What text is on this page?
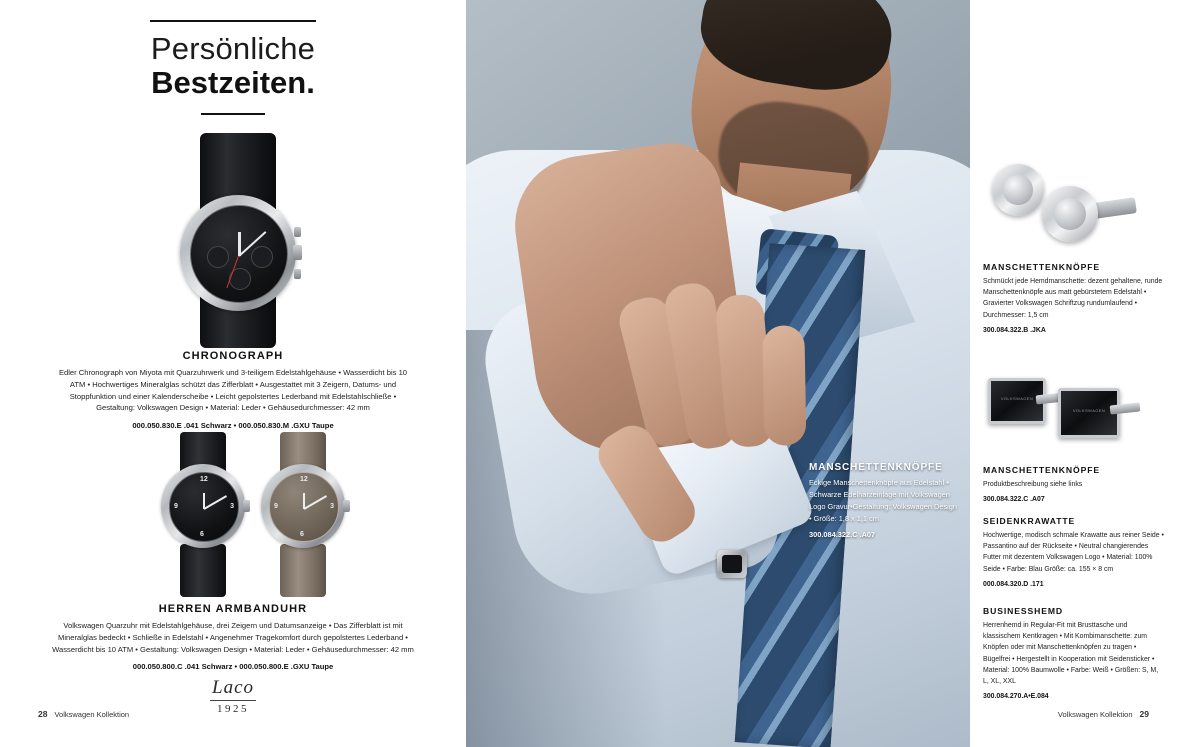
Persönliche
Bestzeiten.
CHRONOGRAPH
Edler Chronograph von Miyota mit Quarzuhrwerk und 3-teiligem Edelstahlgehäuse • Wasserdicht bis 10 ATM • Hochwertiges Mineralglas schützt das Zifferblatt • Ausgestattet mit 3 Zeigern, Datums- und Stoppfunktion und einer Kalenderscheibe • Leicht gepolstertes Lederband mit Edelstahlschließe • Gestaltung: Volkswagen Design • Material: Leder • Gehäusedurchmesser: 42 mm
000.050.830.E .041 Schwarz • 000.050.830.M .GXU Taupe
12
6
9	3
12
6
9	3
HERREN ARMBANDUHR
Volkswagen Quarzuhr mit Edelstahlgehäuse, drei Zeigern und Datumsanzeige • Das Zifferblatt ist mit Mineralglas bedeckt • Schließe in Edelstahl • Angenehmer Tragekomfort durch gepolstertes Lederband • Wasserdicht bis 10 ATM • Gestaltung: Volkswagen Design • Material: Leder • Gehäusedurchmesser: 42 mm
000.050.800.C .041 Schwarz • 000.050.800.E .GXU Taupe
Laco
1925
28 Volkswagen Kollektion
MANSCHETTENKNÖPFE
Eckige Manschettenknöpfe aus Edelstahl • Schwarze Edelharzeinlage mit Volkswagen Logo Gravur•Gestaltung: Volkswagen Design • Größe: 1,8 x 1,1 cm
300.084.322.C .A07
MANSCHETTENKNÖPFE
Schmückt jede Hemdmanschette: dezent gehaltene, runde Manschettenknöpfe aus matt gebürstetem Edelstahl • Gravierter Volkswagen Schriftzug rundumlaufend • Durchmesser: 1,5 cm
300.084.322.B .JKA
VOLKSWAGEN
VOLKSWAGEN
MANSCHETTENKNÖPFE
Produktbeschreibung siehe links
300.084.322.C .A07
SEIDENKRAWATTE
Hochwertige, modisch schmale Krawatte aus reiner Seide • Passantino auf der Rückseite • Neutral changierendes Futter mit dezentem Volkswagen Logo • Material: 100% Seide • Farbe: Blau Größe: ca. 155 × 8 cm
000.084.320.D .171
BUSINESSHEMD
Herrenhemd in Regular-Fit mit Brusttasche und klassischem Kentkragen • Mit Kombimanschette: zum Knöpfen oder mit Manschettenknöpfen zu tragen • Bügelfrei • Hergestellt in Kooperation mit Seidensticker • Material: 100% Baumwolle • Farbe: Weiß • Größen: S, M, L, XL, XXL
300.084.270.A•E.084
Volkswagen Kollektion 29
